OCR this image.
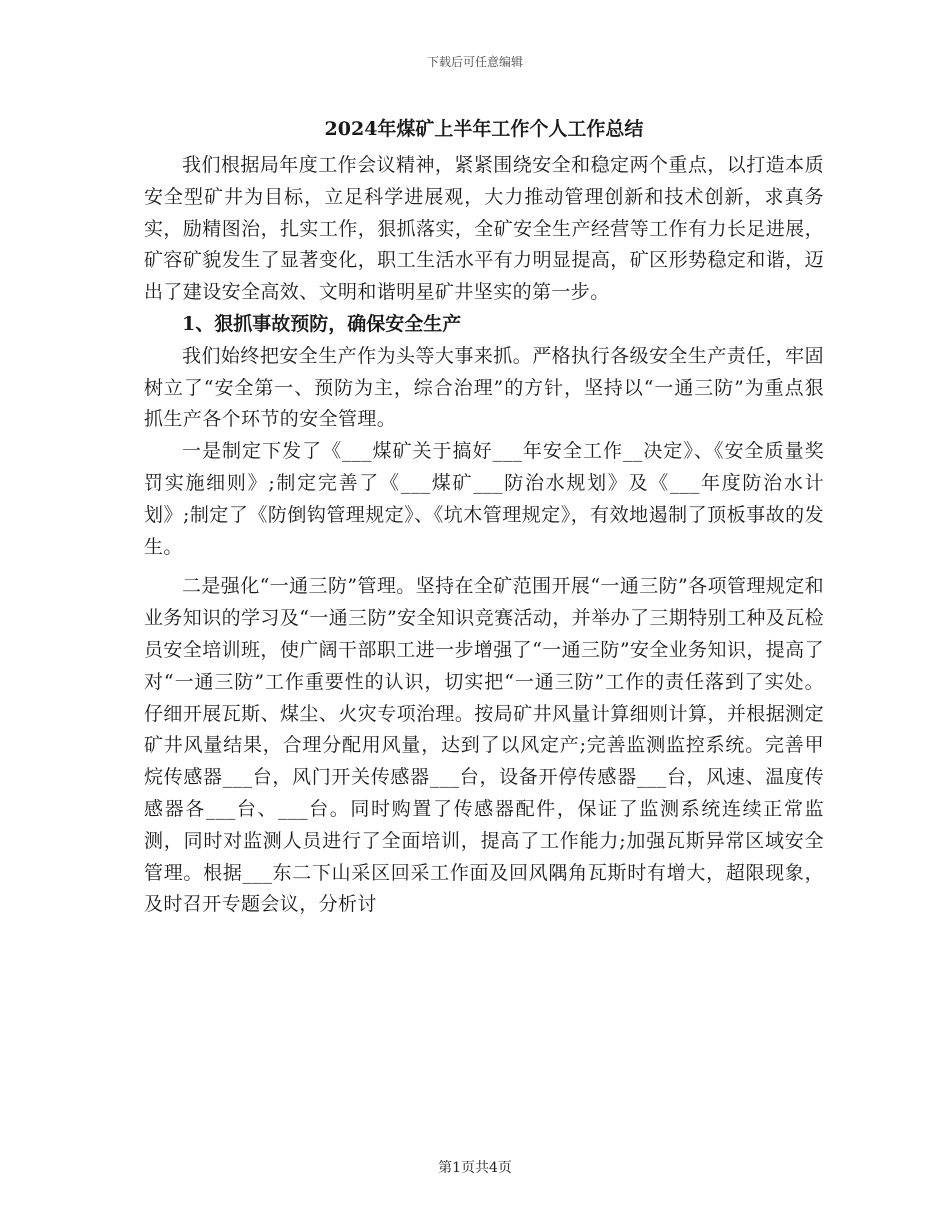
下载后可任意编辑
2024年煤矿上半年工作个人工作总结

我们根据局年度工作会议精神，紧紧围绕安全和稳定两个重点，以打造本质安全型矿井为目标，立足科学进展观，大力推动管理创新和技术创新，求真务实，励精图治，扎实工作，狠抓落实，全矿安全生产经营等工作有力长足进展，矿容矿貌发生了显著变化，职工生活水平有力明显提高，矿区形势稳定和谐，迈出了建设安全高效、文明和谐明星矿井坚实的第一步。

1、狠抓事故预防，确保安全生产

我们始终把安全生产作为头等大事来抓。严格执行各级安全生产责任，牢固树立了“安全第一、预防为主，综合治理”的方针，坚持以“一通三防”为重点狠抓生产各个环节的安全管理。

一是制定下发了《___煤矿关于搞好___年安全工作__决定》、《安全质量奖罚实施细则》;制定完善了《___煤矿___防治水规划》及《___年度防治水计划》;制定了《防倒钩管理规定》、《坑木管理规定》，有效地遏制了顶板事故的发生。

二是强化“一通三防”管理。坚持在全矿范围开展“一通三防”各项管理规定和业务知识的学习及“一通三防”安全知识竞赛活动，并举办了三期特别工种及瓦检员安全培训班，使广阔干部职工进一步增强了“一通三防”安全业务知识，提高了对“一通三防”工作重要性的认识，切实把“一通三防”工作的责任落到了实处。仔细开展瓦斯、煤尘、火灾专项治理。按局矿井风量计算细则计算，并根据测定矿井风量结果，合理分配用风量，达到了以风定产;完善监测监控系统。完善甲烷传感器___台，风门开关传感器___台，设备开停传感器___台，风速、温度传感器各___台、___台。同时购置了传感器配件，保证了监测系统连续正常监测，同时对监测人员进行了全面培训，提高了工作能力;加强瓦斯异常区域安全管理。根据___东二下山采区回采工作面及回风隅角瓦斯时有增大，超限现象，及时召开专题会议，分析讨

第1页共4页
